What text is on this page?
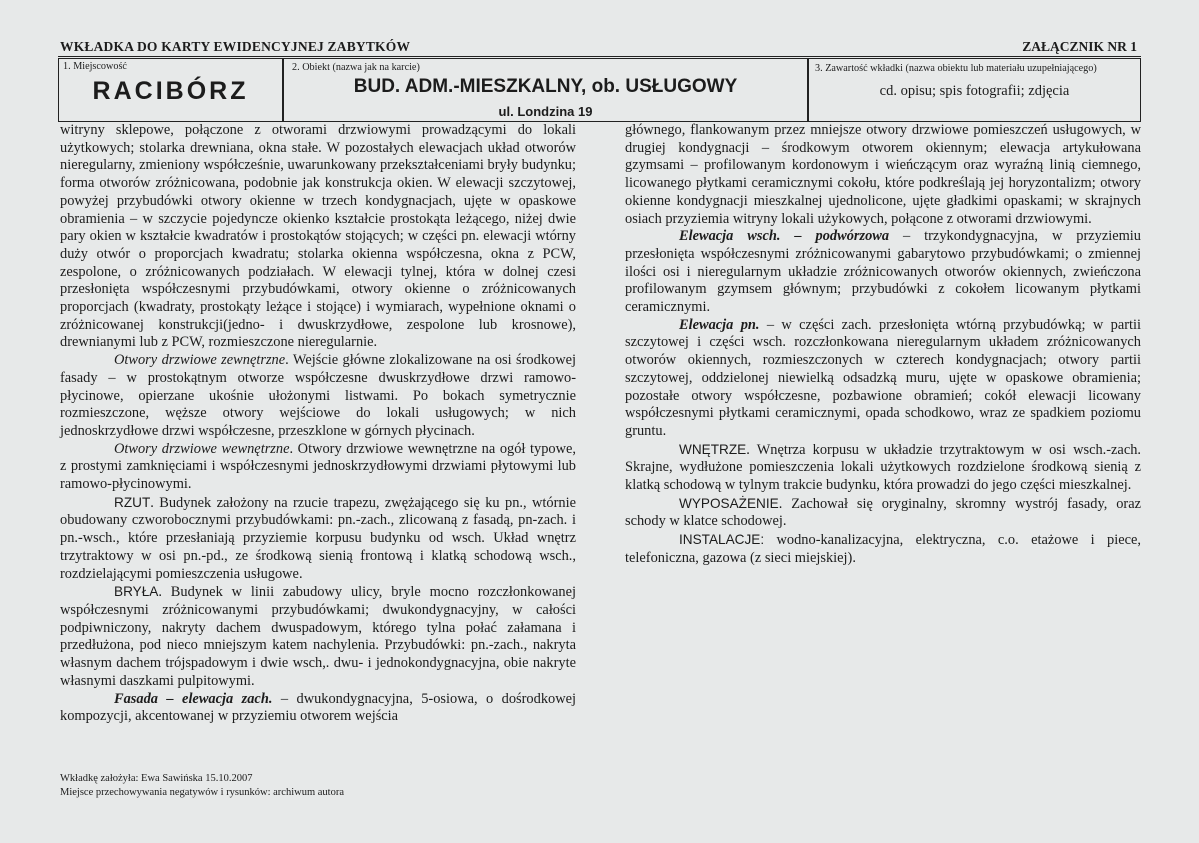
WKŁADKA DO KARTY EWIDENCYJNEJ ZABYTKÓW	ZAŁĄCZNIK NR 1
1. Miejscowość
RACIBÓRZ
2. Obiekt (nazwa jak na karcie)
BUD. ADM.-MIESZKALNY, ob. USŁUGOWY
ul. Londzina 19
3. Zawartość wkładki (nazwa obiektu lub materiału uzupełniającego)
cd. opisu; spis fotografii; zdjęcia

witryny sklepowe, połączone z otworami drzwiowymi prowadzącymi do lokali użytkowych; stolarka drewniana, okna stałe. W pozostałych elewacjach układ otworów nieregularny, zmieniony współcześnie, uwarunkowany przekształceniami bryły budynku; forma otworów zróżnicowana, podobnie jak konstrukcja okien. W elewacji szczytowej, powyżej przybudówki otwory okienne w trzech kondygnacjach, ujęte w opaskowe obramienia – w szczycie pojedyncze okienko kształcie prostokąta leżącego, niżej dwie pary okien w kształcie kwadratów i prostokątów stojących; w części pn. elewacji wtórny duży otwór o proporcjach kwadratu; stolarka okienna współczesna, okna z PCW, zespolone, o zróżnicowanych podziałach. W elewacji tylnej, która w dolnej czesi przesłonięta współczesnymi przybudówkami, otwory okienne o zróżnicowanych proporcjach (kwadraty, prostokąty leżące i stojące) i wymiarach, wypełnione oknami o zróżnicowanej konstrukcji(jedno- i dwuskrzydłowe, zespolone lub krosnowe), drewnianymi lub z PCW, rozmieszczone nieregularnie.

Otwory drzwiowe zewnętrzne. Wejście główne zlokalizowane na osi środkowej fasady – w prostokątnym otworze współczesne dwuskrzydłowe drzwi ramowo-płycinowe, opierzane ukośnie ułożonymi listwami. Po bokach symetrycznie rozmieszczone, węższe otwory wejściowe do lokali usługowych; w nich jednoskrzydłowe drzwi współczesne, przeszklone w górnych płycinach.

Otwory drzwiowe wewnętrzne. Otwory drzwiowe wewnętrzne na ogół typowe, z prostymi zamknięciami i współczesnymi jednoskrzydłowymi drzwiami płytowymi lub ramowo-płycinowymi.

RZUT. Budynek założony na rzucie trapezu, zwężającego się ku pn., wtórnie obudowany czworobocznymi przybudówkami: pn.-zach., zlicowaną z fasadą, pn-zach. i pn.-wsch., które przesłaniają przyziemie korpusu budynku od wsch. Układ wnętrz trzytraktowy w osi pn.-pd., ze środkową sienią frontową i klatką schodową wsch., rozdzielającymi pomieszczenia usługowe.

BRYŁA. Budynek w linii zabudowy ulicy, bryle mocno rozczłonkowanej współczesnymi zróżnicowanymi przybudówkami; dwukondygnacyjny, w całości podpiwniczony, nakryty dachem dwuspadowym, którego tylna połać załamana i przedłużona, pod nieco mniejszym katem nachylenia. Przybudówki: pn.-zach., nakryta własnym dachem trójspadowym i dwie wsch,. dwu- i jednokondygnacyjna, obie nakryte własnymi daszkami pulpitowymi.

Fasada – elewacja zach. – dwukondygnacyjna, 5-osiowa, o dośrodkowej kompozycji, akcentowanej w przyziemiu otworem wejścia

głównego, flankowanym przez mniejsze otwory drzwiowe pomieszczeń usługowych, w drugiej kondygnacji – środkowym otworem okiennym; elewacja artykułowana gzymsami – profilowanym kordonowym i wieńczącym oraz wyraźną linią ciemnego, licowanego płytkami ceramicznymi cokołu, które podkreślają jej horyzontalizm; otwory okienne kondygnacji mieszkalnej ujednolicone, ujęte gładkimi opaskami; w skrajnych osiach przyziemia witryny lokali użykowych, połącone z otworami drzwiowymi.

Elewacja wsch. – podwórzowa – trzykondygnacyjna, w przyziemiu przesłonięta współczesnymi zróżnicowanymi gabarytowo przybudówkami; o zmiennej ilości osi i nieregularnym układzie zróżnicowanych otworów okiennych, zwieńczona profilowanym gzymsem głównym; przybudówki z cokołem licowanym płytkami ceramicznymi.

Elewacja pn. – w części zach. przesłonięta wtórną przybudówką; w partii szczytowej i części wsch. rozczłonkowana nieregularnym układem zróżnicowanych otworów okiennych, rozmieszczonych w czterech kondygnacjach; otwory partii szczytowej, oddzielonej niewielką odsadzką muru, ujęte w opaskowe obramienia; pozostałe otwory współczesne, pozbawione obramień; cokół elewacji licowany współczesnymi płytkami ceramicznymi, opada schodkowo, wraz ze spadkiem poziomu gruntu.

WNĘTRZE. Wnętrza korpusu w układzie trzytraktowym w osi wsch.-zach. Skrajne, wydłużone pomieszczenia lokali użytkowych rozdzielone środkową sienią z klatką schodową w tylnym trakcie budynku, która prowadzi do jego części mieszkalnej.

WYPOSAŻENIE. Zachował się oryginalny, skromny wystrój fasady, oraz schody w klatce schodowej.

INSTALACJE: wodno-kanalizacyjna, elektryczna, c.o. etażowe i piece, telefoniczna, gazowa (z sieci miejskiej).

Wkładkę założyła: Ewa Sawińska 15.10.2007
Miejsce przechowywania negatywów i rysunków: archiwum autora
